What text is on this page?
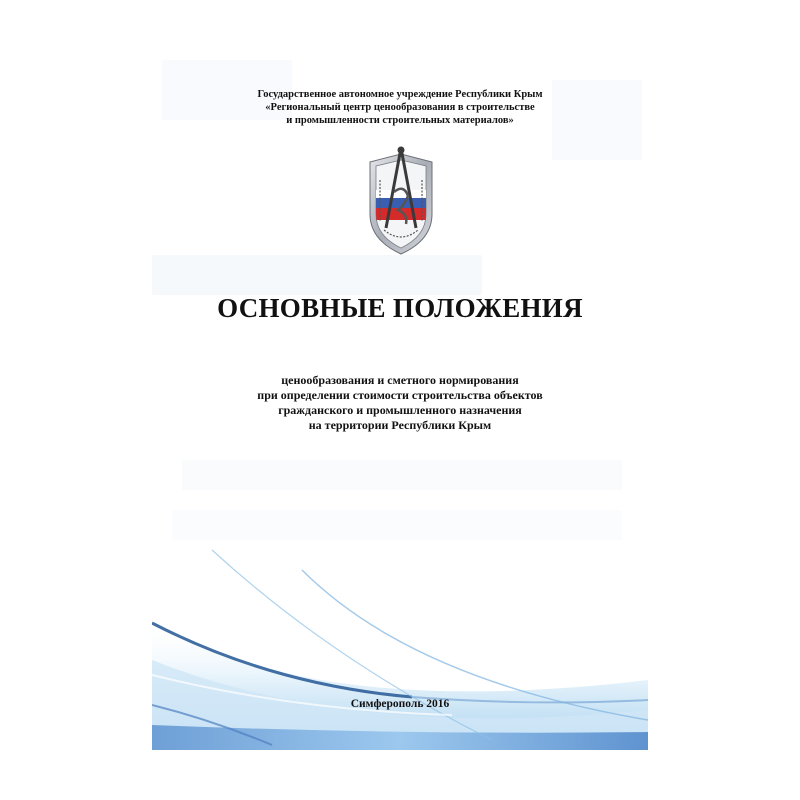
Государственное автономное учреждение Республики Крым
«Региональный центр ценообразования в строительстве
и промышленности строительных материалов»
ОСНОВНЫЕ ПОЛОЖЕНИЯ
ценообразования и сметного нормирования
при определении стоимости строительства объектов
гражданского и промышленного назначения
на территории Республики Крым
Симферополь 2016
